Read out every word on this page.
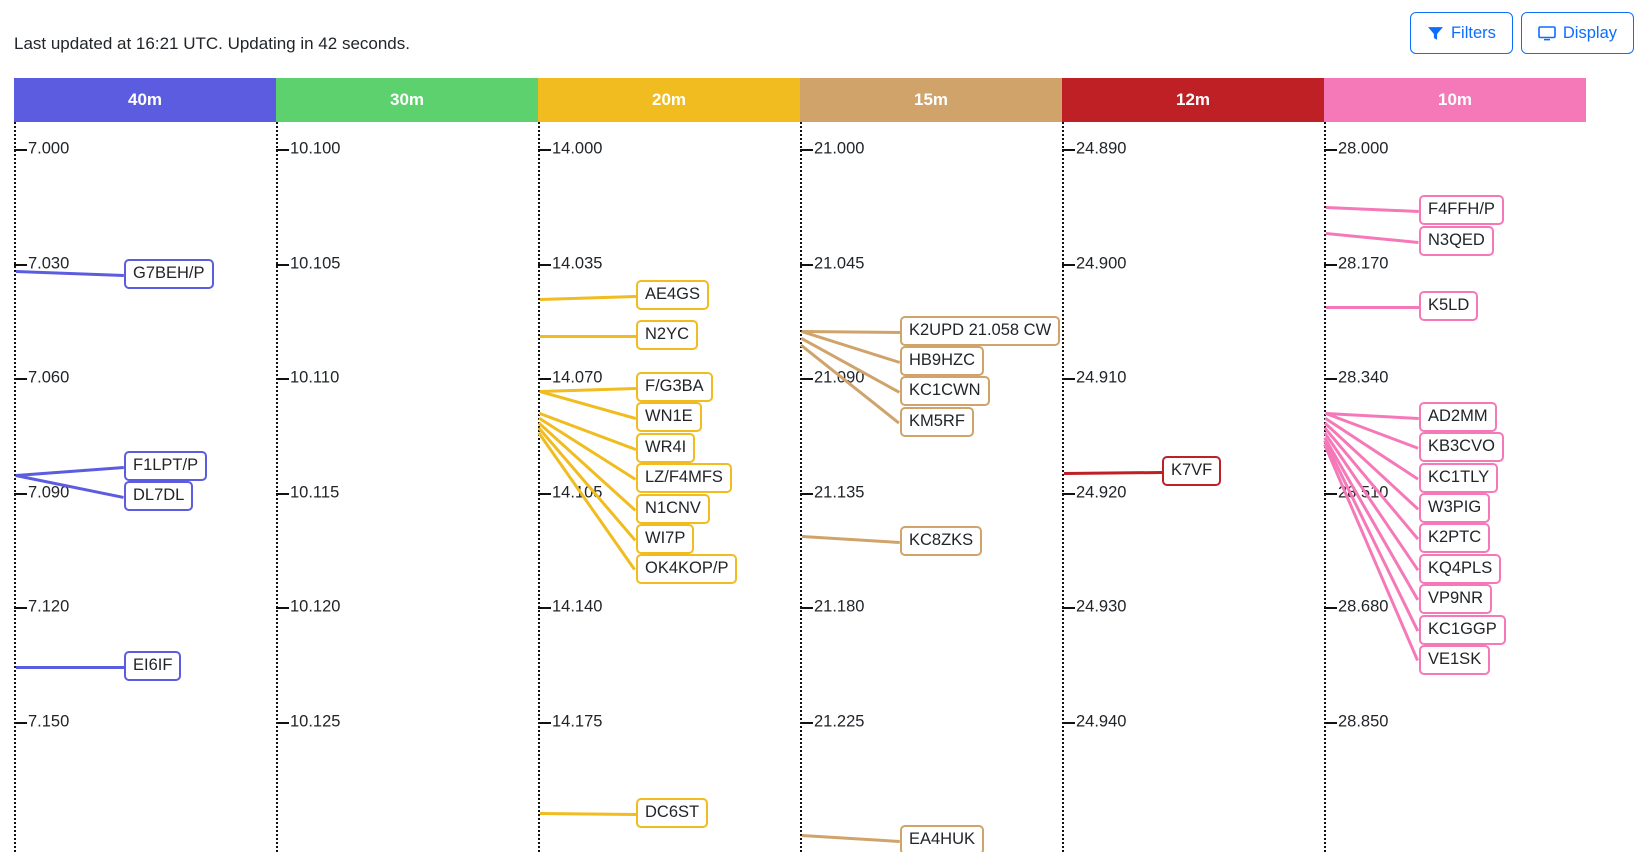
Last updated at 16:21 UTC. Updating in 42 seconds.
Filters	Display
40m
7.000
7.030
7.060
7.090
7.120
7.150
G7BEH/P
F1LPT/P
DL7DL
EI6IF
30m
10.100
10.105
10.110
10.115
10.120
10.125
20m
14.000
14.035
14.070
14.105
14.140
14.175
AE4GS
N2YC
F/G3BA
WN1E
WR4I
LZ/F4MFS
N1CNV
WI7P
OK4KOP/P
DC6ST
15m
21.000
21.045
21.090
21.135
21.180
21.225
K2UPD 21.058 CW
HB9HZC
KC1CWN
KM5RF
KC8ZKS
EA4HUK
12m
24.890
24.900
24.910
24.920
24.930
24.940
K7VF
10m
28.000
28.170
28.340
28.510
28.680
28.850
F4FFH/P
N3QED
K5LD
AD2MM
KB3CVO
KC1TLY
W3PIG
K2PTC
KQ4PLS
VP9NR
KC1GGP
VE1SK
